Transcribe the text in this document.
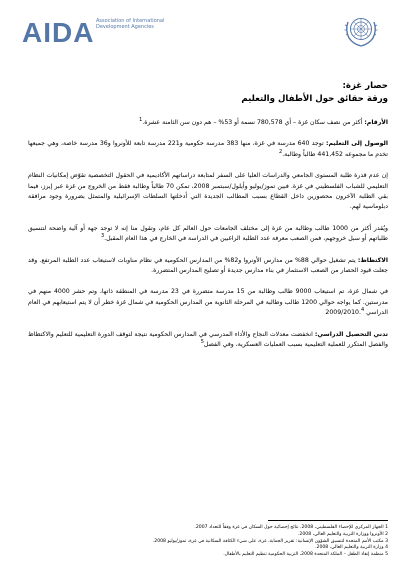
AIDA Association of International Development Agencies

حصار غزة:

ورقة حقائق حول الأطفال والتعليم

الأرقام: أكثر من نصف سكان غزة – أي 780,578 نسمة أو 53% – هم دون سن الثامنة عشرة.$^1$

الوصول إلى التعليم: توجد 640 مدرسة في غزة، منها 383 مدرسة حكومية و221 مدرسة تابعة للأونروا و36 مدرسة خاصة، وهي جميعها تخدم ما مجموعه 441,452 طالباً وطالبة.$^2$

إن عدم قدرة طلبة المستوى الجامعي والدراسات العليا على السفر لمتابعة دراساتهم الأكاديمية في الحقول التخصصية تقوّض إمكانيات النظام التعليمي للشباب الفلسطيني في غزة. فبين تموز/يوليو وأيلول/سبتمبر 2008، تمكن 70 طالباً وطالبة فقط من الخروج من غزة عبر إيرز، فيما بقي الطلبة الآخرون محصورين داخل القطاع بسبب المطالب الجديدة التي أدخلتها السلطات الإسرائيلية والمتمثل بضرورة وجود مرافقة دبلوماسية لهم.

ويُقدر أكثر من 1000 طالب وطالبة من غزة إلى مختلف الجامعات حول العالم كل عام، وتقول منا إنه لا توجد جهة أو آلية واضحة لتنسيق طلباتهم أو سبل خروجهم، فمن الصعب معرفة عدد الطلبة الراغبين في الدراسة في الخارج في هذا العام المقبل.$^3$

الاكتظاظ: يتم تشغيل حوالي 88% من مدارس الأونروا و82% من المدارس الحكومية في نظام مناوبات لاستيعاب عدد الطلبة المرتفع. وقد جعلت قيود الحصار من الصعب الاستثمار في بناء مدارس جديدة أو تصليح المدارس المتضررة.

في شمال غزة، تم استيعاب 9000 طالب وطالبة من 15 مدرسة متضررة في 23 مدرسة في المنطقة ذاتها، وتم حشر 4000 منهم في مدرستين. كما يواجه حوالي 1200 طالب وطالبة في المرحلة الثانوية من المدارس الحكومية في شمال غزة خطر أن لا يتم استيعابهم في العام الدراسي 2009/2010.$^4$

تدني التحصيل الدراسي: انخفضت معدلات النجاح والأداء المدرسي في المدارس الحكومية نتيجة لتوقف الدورة التعليمية للتعليم والاكتظاظ والفصل المتكرر للعملية التعليمية بسبب العمليات العسكرية، وفي الفصل$^5$

1 الجهاز المركزي للإحصاء الفلسطيني، 2008. نتائج إحصائية حول السكان في غزة وفقاً للتعداد 2007.

2 الأونروا ووزارة التربية والتعليم العالي، 2008.

3 مكتب الأمم المتحدة لتنسيق الشؤون الإنسانية: تقرير الحماية، غزة، على شيء الكثافة السكانية في غزة، تموز/يوليو 2008.

4 وزارة التربية والتعليم العالي، 2008.

5 منظمة إنقاذ الطفل – الملكة المتحدة 2008، التربية الحكومية تنظيم التعليم بالأطفال.
